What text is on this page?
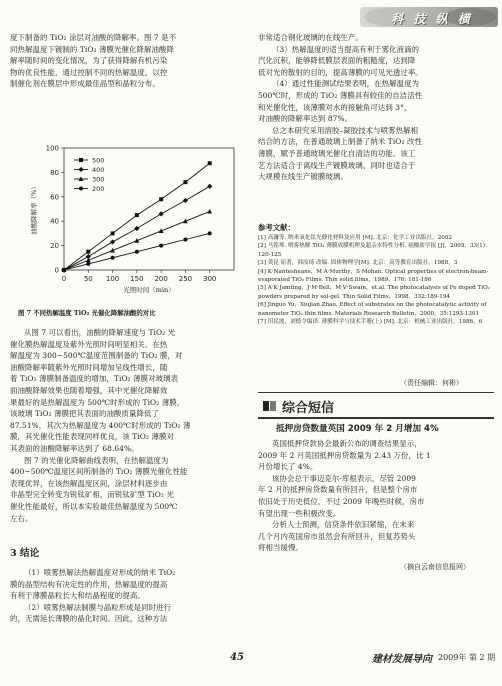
科 技 纵 横

度下制备的 TiO₂ 涂层对油酸的降解率。图 7 是不

同热解温度下镀制的 TiO₂ 薄膜光催化降解油酸降

解率随时间的变化情况，为了获得降解有机污染

物的优良性能，通过控制不同的热解温度，以控

制催化剂在膜层中形成最佳晶型和晶粒分布。

0
20
40
60
80
100
0	50 100 150 200 250 300
光照时间（min）
油酸降解率（%）
500
400
300
200
图 7 不同热解温度 TiO₂ 光催化降解油酸的对比

从图 7 可以看出，油酸的降解速度与 TiO₂ 光

催化膜热解温度及紫外光照时间明显相关。在热

解温度为 300~500℃温度范围制备的 TiO₂ 膜，对

油酸降解率随紫外光照时间增加呈线性增长，随

着 TiO₂ 薄膜制备温度的增加，TiO₂ 薄膜对玻璃表

面油酸降解效果也随着增强，其中光催化降解效

果最好的是热解温度为 500℃时形成的 TiO₂ 薄膜，

该玻璃 TiO₂ 薄膜把其表面的油酸质量降低了

87.51%，其次为热解温度为 400℃时形成的 TiO₂ 薄

膜，其光催化性能表现同样优良，该 TiO₂ 薄膜对

其表面的油酸降解率达到了 68.64%。

图 7 的光催化降解曲线表明，在热解温度为

400~500℃温度区间所制备的 TiO₂ 薄膜光催化性能

表现优异，在该热解温度区间，涂层材料逐步由

非晶型完全转变为锐钛矿相，而锐钛矿型 TiO₂ 光

催化性能最好，所以本实验最佳热解温度为 500℃

左右。

3 结论

（1）喷雾热解法热解温度对形成的纳米 TiO₂

膜的晶型结构有决定性的作用，热解温度的提高

有利于薄膜晶粒长大和结晶程度的提高。

（2）喷雾热解法制膜与晶粒形成是同时进行

的，无需延长薄膜的晶化时间。因此，这种方法

非常适合钢化玻璃的在线生产。

（3）热解温度的适当提高有利于雾化液滴的

汽化沉积，能够降低膜层表面的粗糙度，达到降

低对光的散射的目的，提高薄膜的可见光透过率。

（4）通过性能测试结果表明，在热解温度为

500℃时，形成的 TiO₂ 薄膜具有较佳的自洁活性

和光催化性，该薄膜对水的接触角可达到 3°，

对油酸的降解率达到 87%。

总之本研究采用溶胶–凝胶技术与喷雾热解相

结合的方法，在普通玻璃上制备了纳米 TiO₂ 改性

薄膜，赋予普通玻璃光催化自清洁的功能。该工

艺方法适合于离线生产镀膜玻璃，同时也适合于

大规模在线生产镀膜玻璃。

参考文献：
[1] 高濂等. 纳米氧化钛光催化材料及应用 [M]. 北京：化学工业出版社，2002
[2] 马铭琴. 喷雾热解 TiO₂ 薄膜成膜机理及超亲水特性分析. 硅酸盐学报 [J]，2005，33(1)：120-125
[3] 黄昆 原著，韩汝琦 改编. 固体物理学[M]. 北京：高等教育出版社，1988，3
[4] K·Nantesheans，M·A·Murthy，S·Mohan. Optical properties of electron-beam-evaporated TiO₂ Films. Thin solid films，1989，176: 181-186
[5] A·K·Jamting，J·M·Bell，M·V·Swain，et.al. The photocatalysis of Fe doped TiO₂ powders prepared by sol-gel. Thin Solid Films，1998，332:189-194
[6] Jinguo Yu，Xiujian Zhao. Effect of substrates on the photocatalytic activity of nanometer TiO₂ thin films. Materials Research Bulletin，2000，35:1293-1301
[7] 田民波，刘德令编译. 薄膜科学与技术手册(上) [M]. 北京：机械工业出版社，1986，6
（责任编辑：何彬）
综合短信
抵押房贷数量英国 2009 年 2 月增加 4%

英国抵押贷款协会最新公布的调查结果显示，

2009 年 2 月英国抵押房贷数量为 2.43 万份，比 1

月份增长了 4%。

该协会总干事迈克尔·库根表示，尽管 2009

年 2 月的抵押房贷数量有所回升，但是整个房市

依旧处于历史低位，不过 2009 年晚些时候，房市

有望出现一些积极改变。

分析人士预测，信贷条件依旧紧缩，在未来

几个月内英国房市虽然会有所回升，但复苏势头

将相当缓慢。

（摘自云南信息报网）
45	建材发展导向 2009年 第 2 期
